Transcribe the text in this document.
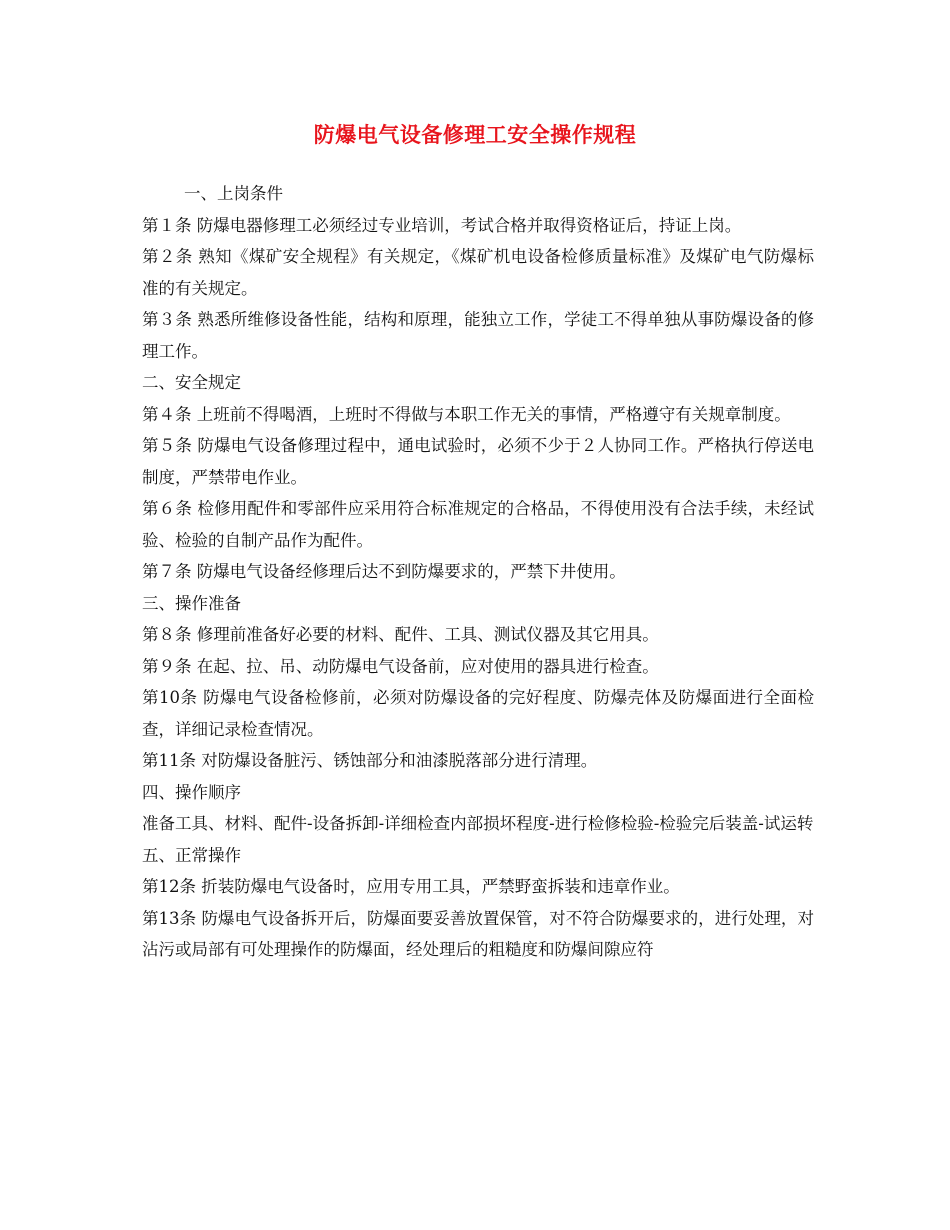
防爆电气设备修理工安全操作规程

一、上岗条件

第１条 防爆电器修理工必须经过专业培训，考试合格并取得资格证后，持证上岗。

第２条 熟知《煤矿安全规程》有关规定，《煤矿机电设备检修质量标准》及煤矿电气防爆标准的有关规定。

第３条 熟悉所维修设备性能，结构和原理，能独立工作，学徒工不得单独从事防爆设备的修理工作。

二、安全规定

第４条 上班前不得喝酒，上班时不得做与本职工作无关的事情，严格遵守有关规章制度。

第５条 防爆电气设备修理过程中，通电试验时，必须不少于２人协同工作。严格执行停送电制度，严禁带电作业。

第６条 检修用配件和零部件应采用符合标准规定的合格品，不得使用没有合法手续，未经试验、检验的自制产品作为配件。

第７条 防爆电气设备经修理后达不到防爆要求的，严禁下井使用。

三、操作准备

第８条 修理前准备好必要的材料、配件、工具、测试仪器及其它用具。

第９条 在起、拉、吊、动防爆电气设备前，应对使用的器具进行检查。

第10条 防爆电气设备检修前，必须对防爆设备的完好程度、防爆壳体及防爆面进行全面检查，详细记录检查情况。

第11条 对防爆设备脏污、锈蚀部分和油漆脱落部分进行清理。

四、操作顺序

准备工具、材料、配件-设备拆卸-详细检查内部损坏程度-进行检修检验-检验完后装盖-试运转

五、正常操作

第12条 折装防爆电气设备时，应用专用工具，严禁野蛮拆装和违章作业。

第13条 防爆电气设备拆开后，防爆面要妥善放置保管，对不符合防爆要求的，进行处理，对沾污或局部有可处理操作的防爆面，经处理后的粗糙度和防爆间隙应符
